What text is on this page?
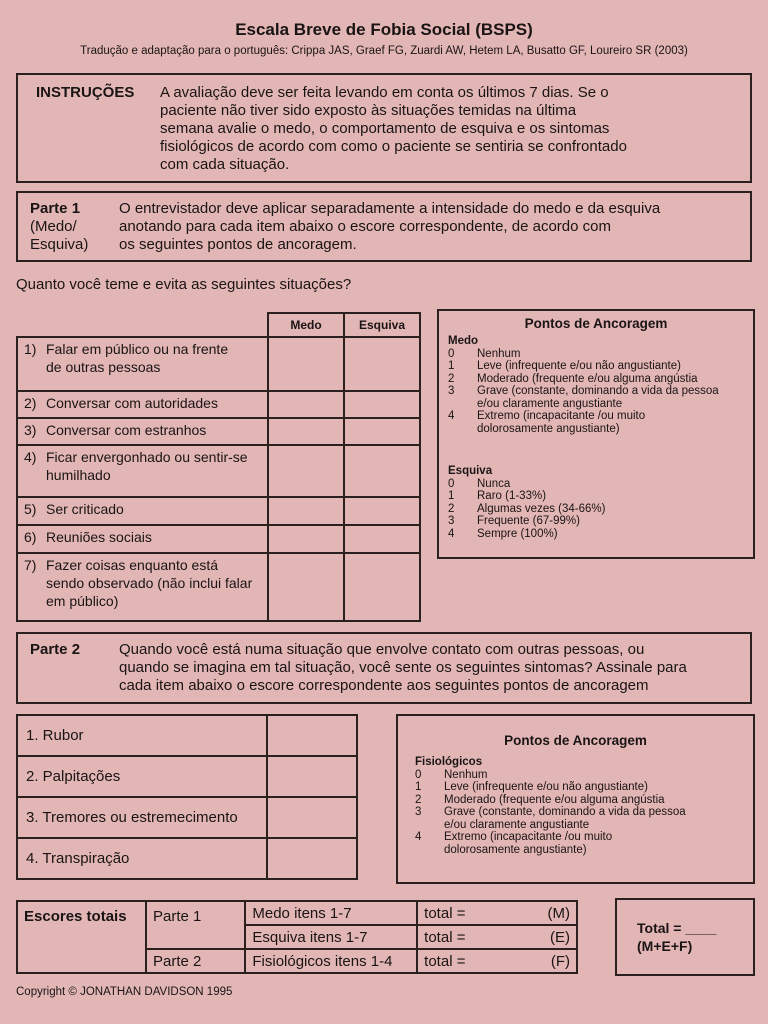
Escala Breve de Fobia Social (BSPS)
Tradução e adaptação para o português: Crippa JAS, Graef FG, Zuardi AW, Hetem LA, Busatto GF, Loureiro SR (2003)
INSTRUÇÕES A avaliação deve ser feita levando em conta os últimos 7 dias. Se o
paciente não tiver sido exposto às situações temidas na última
semana avalie o medo, o comportamento de esquiva e os sintomas
fisiológicos de acordo com como o paciente se sentiria se confrontado
com cada situação.
Parte 1
(Medo/
Esquiva)
O entrevistador deve aplicar separadamente a intensidade do medo e da esquiva
anotando para cada item abaixo o escore correspondente, de acordo com
os seguintes pontos de ancoragem.
Quanto você teme e evita as seguintes situações?
		Medo	Esquiva
1)	Falar em público ou na frente
de outras pessoas		

2)	Conversar com autoridades		

3)	Conversar com estranhos		

4)	Ficar envergonhado ou sentir-se
humilhado		

5)	Ser criticado		

6)	Reuniões sociais		

7)	Fazer coisas enquanto está
sendo observado (não inclui falar
em público)		

Pontos de Ancoragem
Medo
0	Nenhum
1	Leve (infrequente e/ou não angustiante)
2	Moderado (frequente e/ou alguma angústia
3	Grave (constante, dominando a vida da pessoa
e/ou claramente angustiante
4	Extremo (incapacitante /ou muito
dolorosamente angustiante)
Esquiva
0	Nunca
1	Raro (1-33%)
2	Algumas vezes (34-66%)
3	Frequente (67-99%)
4	Sempre (100%)
Parte 2	Quando você está numa situação que envolve contato com outras pessoas, ou
quando se imagina em tal situação, você sente os seguintes sintomas? Assinale para
cada item abaixo o escore correspondente aos seguintes pontos de ancoragem
1. Rubor	
2. Palpitações	
3. Tremores ou estremecimento	
4. Transpiração	
Pontos de Ancoragem
Fisiológicos
0	Nenhum
1	Leve (infrequente e/ou não angustiante)
2	Moderado (frequente e/ou alguma angústia
3	Grave (constante, dominando a vida da pessoa
e/ou claramente angustiante
4	Extremo (incapacitante /ou muito
dolorosamente angustiante)
Escores totais	Parte 1	Medo itens 1-7	total = (M)

		Esquiva itens 1-7	total = (E)

	Parte 2	Fisiológicos itens 1-4	total = (F)
Total = ____
(M+E+F)
Copyright © JONATHAN DAVIDSON 1995
